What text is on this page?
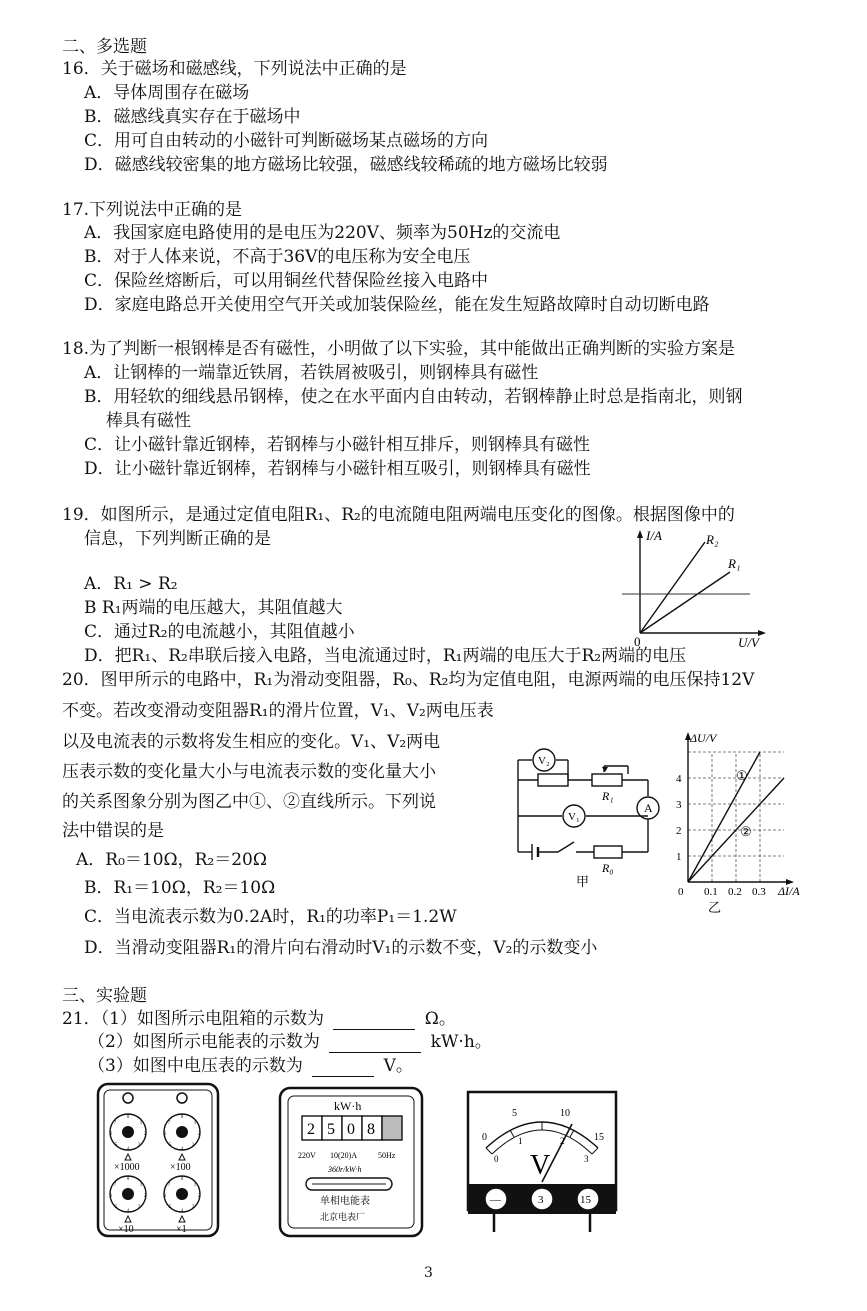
二、多选题
16．关于磁场和磁感线，下列说法中正确的是
A．导体周围存在磁场
B．磁感线真实存在于磁场中
C．用可自由转动的小磁针可判断磁场某点磁场的方向
D．磁感线较密集的地方磁场比较强，磁感线较稀疏的地方磁场比较弱
17.下列说法中正确的是
A．我国家庭电路使用的是电压为220V、频率为50Hz的交流电
B．对于人体来说，不高于36V的电压称为安全电压
C．保险丝熔断后，可以用铜丝代替保险丝接入电路中
D．家庭电路总开关使用空气开关或加装保险丝，能在发生短路故障时自动切断电路
18.为了判断一根钢棒是否有磁性，小明做了以下实验，其中能做出正确判断的实验方案是
A．让钢棒的一端靠近铁屑，若铁屑被吸引，则钢棒具有磁性
B．用轻软的细线悬吊钢棒，使之在水平面内自由转动，若钢棒静止时总是指南北，则钢
棒具有磁性
C．让小磁针靠近钢棒，若钢棒与小磁针相互排斥，则钢棒具有磁性
D．让小磁针靠近钢棒，若钢棒与小磁针相互吸引，则钢棒具有磁性
19．如图所示，是通过定值电阻R₁、R₂的电流随电阻两端电压变化的图像。根据图像中的
信息，下列判断正确的是
A．R₁ > R₂
B R₁两端的电压越大，其阻值越大
C．通过R₂的电流越小，其阻值越小
D．把R₁、R₂串联后接入电路，当电流通过时，R₁两端的电压大于R₂两端的电压
I/A
U/V
0
R₂
R₁
20．图甲所示的电路中，R₁为滑动变阻器，R₀、R₂均为定值电阻，电源两端的电压保持12V
不变。若改变滑动变阻器R₁的滑片位置，V₁、V₂两电压表
以及电流表的示数将发生相应的变化。V₁、V₂两电
压表示数的变化量大小与电流表示数的变化量大小
的关系图象分别为图乙中①、②直线所示。下列说
法中错误的是
A．R₀＝10Ω，R₂＝20Ω
B．R₁＝10Ω，R₂＝10Ω
C．当电流表示数为0.2A时，R₁的功率P₁＝1.2W
D．当滑动变阻器R₁的滑片向右滑动时V₁的示数不变，V₂的示数变小
V₂
V₁
A
R₁
R₀
甲
ΔU/V
1
2
3
4
0 0.1 0.2 0.3 ΔI/A
①
②
乙
三、实验题
21．（1）如图所示电阻箱的示数为	Ω。
（2）如图所示电能表的示数为	kW·h。
（3）如图中电压表的示数为	V。
0
1
2
3
4
5
6
7
0
1
2
3
4
5
6
7
0
1
2
3
4
5
6
7
0
1
2
3
4
5
6
7
×1000	×100
×10	×1
kW·h
2 5 0 8
220V 10(20)A	50Hz
360r/kW·h
单相电能表
北京电表厂
0
5	10
15
0
1	2
3
V
—	3	15
3
